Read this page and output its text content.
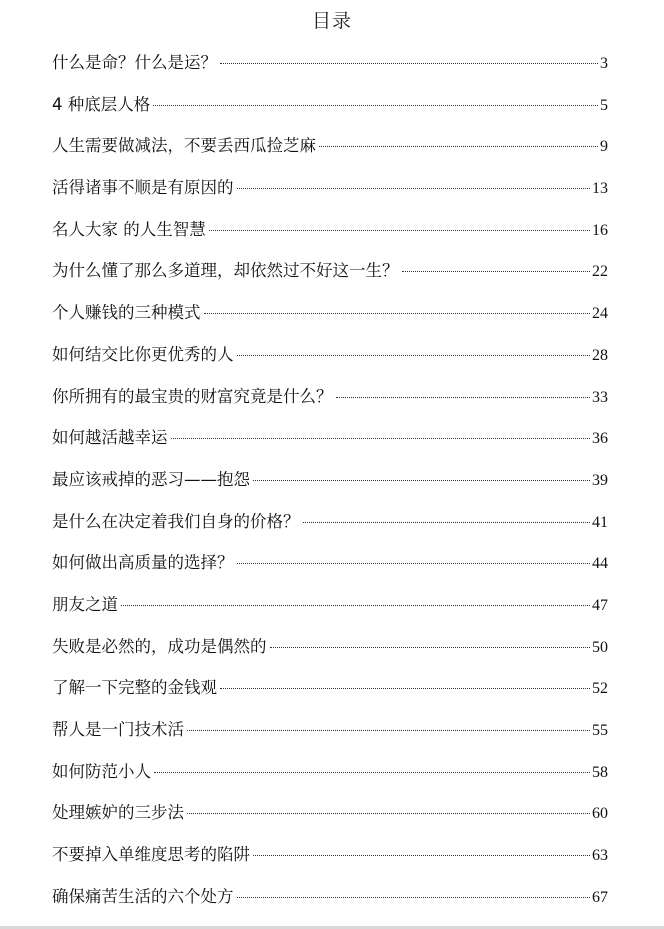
目录
什么是命？什么是运？	3
4 种底层人格	5
人生需要做减法，不要丢西瓜捡芝麻	9
活得诸事不顺是有原因的	13
名人大家 的人生智慧	16
为什么懂了那么多道理，却依然过不好这一生？	22
个人赚钱的三种模式	24
如何结交比你更优秀的人	28
你所拥有的最宝贵的财富究竟是什么？	33
如何越活越幸运	36
最应该戒掉的恶习——抱怨	39
是什么在决定着我们自身的价格？	41
如何做出高质量的选择？	44
朋友之道	47
失败是必然的，成功是偶然的	50
了解一下完整的金钱观	52
帮人是一门技术活	55
如何防范小人	58
处理嫉妒的三步法	60
不要掉入单维度思考的陷阱	63
确保痛苦生活的六个处方	67
